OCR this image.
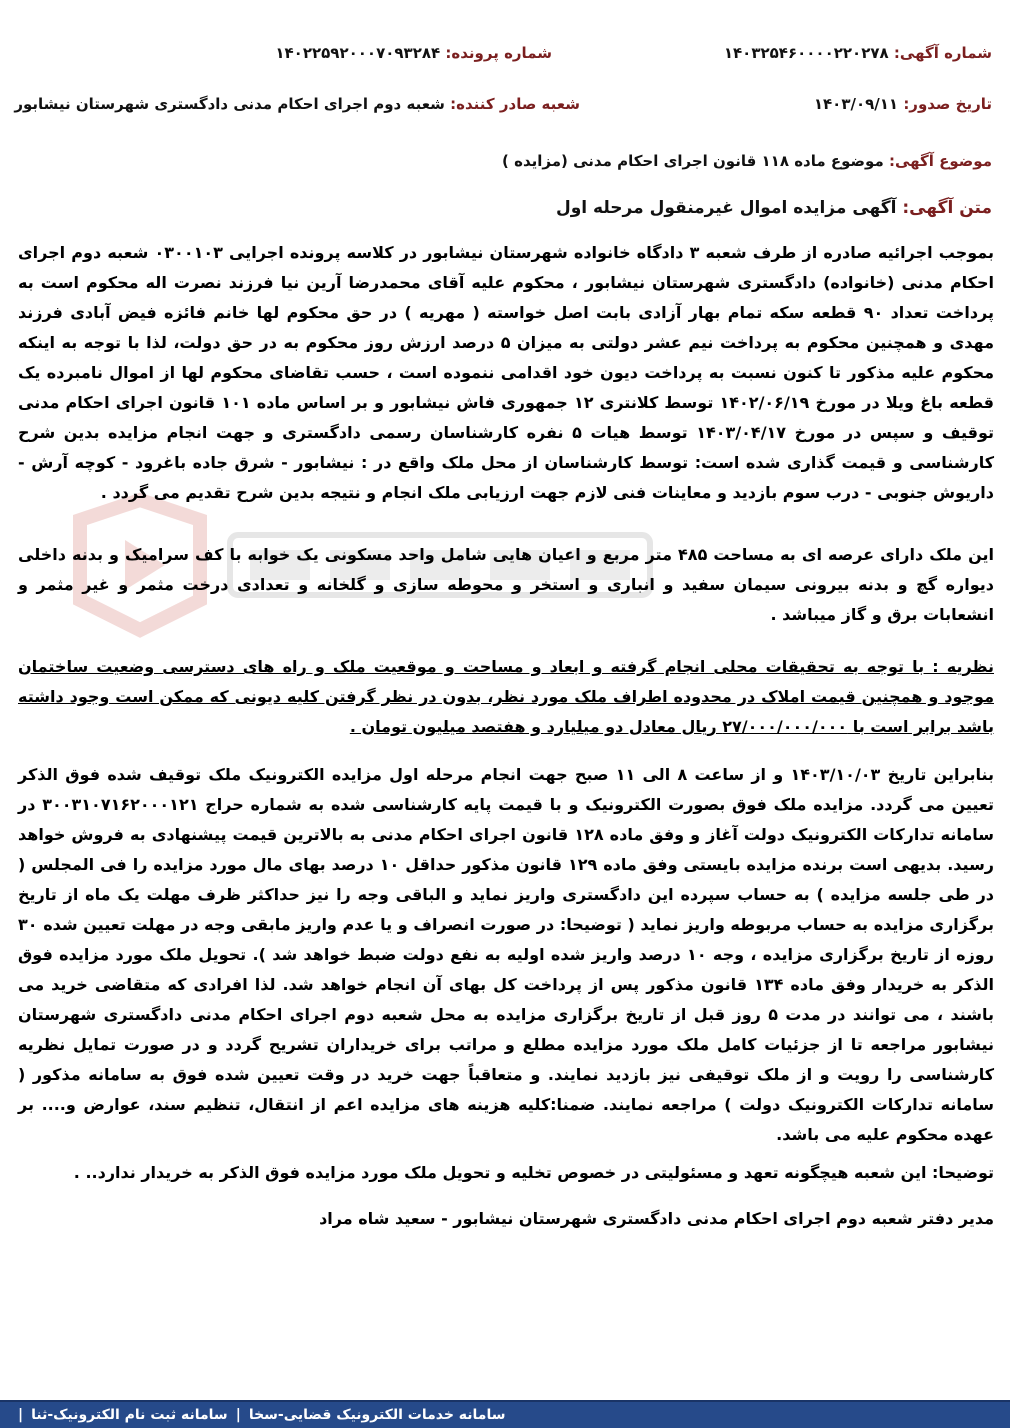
شماره آگهی: ۱۴۰۳۲۵۴۶۰۰۰۰۲۲۰۲۷۸
شماره پرونده: ۱۴۰۲۲۵۹۲۰۰۰۷۰۹۳۲۸۴
تاریخ صدور: ۱۴۰۳/۰۹/۱۱
شعبه صادر کننده: شعبه دوم اجرای احکام مدنی دادگستری شهرستان نیشابور
موضوع آگهی: موضوع ماده ۱۱۸ قانون اجرای احکام مدنی (مزایده )
متن آگهی: آگهی مزایده اموال غیرمنقول مرحله اول
بموجب اجرائیه صادره از طرف شعبه ۳ دادگاه خانواده شهرستان نیشابور در کلاسه پرونده اجرایی ۰۳۰۰۱۰۳ شعبه دوم اجرای احکام مدنی (خانواده) دادگستری شهرستان نیشابور ، محکوم علیه آقای محمدرضا آرین نیا فرزند نصرت اله محکوم است به پرداخت تعداد ۹۰ قطعه سکه تمام بهار آزادی بابت اصل خواسته ( مهریه ) در حق محکوم لها خانم فائزه فیض آبادی فرزند مهدی و همچنین محکوم به پرداخت نیم عشر دولتی به میزان ۵ درصد ارزش روز محکوم به در حق دولت، لذا با توجه به اینکه محکوم علیه مذکور تا کنون نسبت به پرداخت دیون خود اقدامی ننموده است ، حسب تقاضای محکوم لها از اموال نامبرده یک قطعه باغ ویلا در مورخ ۱۴۰۲/۰۶/۱۹ توسط کلانتری ۱۲ جمهوری فاش نیشابور و بر اساس ماده ۱۰۱ قانون اجرای احکام مدنی توقیف و سپس در مورخ ۱۴۰۳/۰۴/۱۷ توسط هیات ۵ نفره کارشناسان رسمی دادگستری و جهت انجام مزایده بدین شرح کارشناسی و قیمت گذاری شده است: توسط کارشناسان از محل ملک واقع در : نیشابور - شرق جاده باغرود - کوچه آرش - داریوش جنوبی - درب سوم بازدید و معاینات فنی لازم جهت ارزیابی ملک انجام و نتیجه بدین شرح تقدیم می گردد .
این ملک دارای عرصه ای به مساحت ۴۸۵ متر مربع و اعیان هایی شامل واحد مسکونی یک خوابه با کف سرامیک و بدنه داخلی دیواره گچ و بدنه بیرونی سیمان سفید و انباری و استخر و محوطه سازی و گلخانه و تعدادی درخت مثمر و غیر مثمر و انشعابات برق و گاز میباشد .
نظریه : با توجه به تحقیقات محلی انجام گرفته و ابعاد و مساحت و موقعیت ملک و راه های دسترسی وضعیت ساختمان موجود و همچنین قیمت املاک در محدوده اطراف ملک مورد نظر، بدون در نظر گرفتن کلیه دیونی که ممکن است وجود داشته باشد برابر است با ۲۷/۰۰۰/۰۰۰/۰۰۰ ریال معادل دو میلیارد و هفتصد میلیون تومان .
بنابراین تاریخ ۱۴۰۳/۱۰/۰۳ و از ساعت ۸ الی ۱۱ صبح جهت انجام مرحله اول مزایده الکترونیک ملک توقیف شده فوق الذکر تعیین می گردد. مزایده ملک فوق بصورت الکترونیک و با قیمت پایه کارشناسی شده به شماره حراج ۳۰۰۳۱۰۷۱۶۲۰۰۰۱۲۱ در سامانه تدارکات الکترونیک دولت آغاز و وفق ماده ۱۲۸ قانون اجرای احکام مدنی به بالاترین قیمت پیشنهادی به فروش خواهد رسید. بدیهی است برنده مزایده بایستی وفق ماده ۱۲۹ قانون مذکور حداقل ۱۰ درصد بهای مال مورد مزایده را فی المجلس ( در طی جلسه مزایده ) به حساب سپرده این دادگستری واریز نماید و الباقی وجه را نیز حداکثر ظرف مهلت یک ماه از تاریخ برگزاری مزایده به حساب مربوطه واریز نماید ( توضیحا: در صورت انصراف و یا عدم واریز مابقی وجه در مهلت تعیین شده ۳۰ روزه از تاریخ برگزاری مزایده ، وجه ۱۰ درصد واریز شده اولیه به نفع دولت ضبط خواهد شد ). تحویل ملک مورد مزایده فوق الذکر به خریدار وفق ماده ۱۳۴ قانون مذکور پس از پرداخت کل بهای آن انجام خواهد شد. لذا افرادی که متقاضی خرید می باشند ، می توانند در مدت ۵ روز قبل از تاریخ برگزاری مزایده به محل شعبه دوم اجرای احکام مدنی دادگستری شهرستان نیشابور مراجعه تا از جزئیات کامل ملک مورد مزایده مطلع و مراتب برای خریداران تشریح گردد و در صورت تمایل نظریه کارشناسی را رویت و از ملک توقیفی نیز بازدید نمایند. و متعاقباً جهت خرید در وقت تعیین شده فوق به سامانه مذکور ( سامانه تدارکات الکترونیک دولت ) مراجعه نمایند. ضمنا:کلیه هزینه های مزایده اعم از انتقال، تنظیم سند، عوارض و.... بر عهده محکوم علیه می باشد.
توضیحا: این شعبه هیچگونه تعهد و مسئولیتی در خصوص تخلیه و تحویل ملک مورد مزایده فوق الذکر به خریدار ندارد.. .
مدیر دفتر شعبه دوم اجرای احکام مدنی دادگستری شهرستان نیشابور - سعید شاه مراد
سامانه خدمات الکترونیک قضایی-سخا
|
سامانه ثبت نام الکترونیک-ثنا
|
